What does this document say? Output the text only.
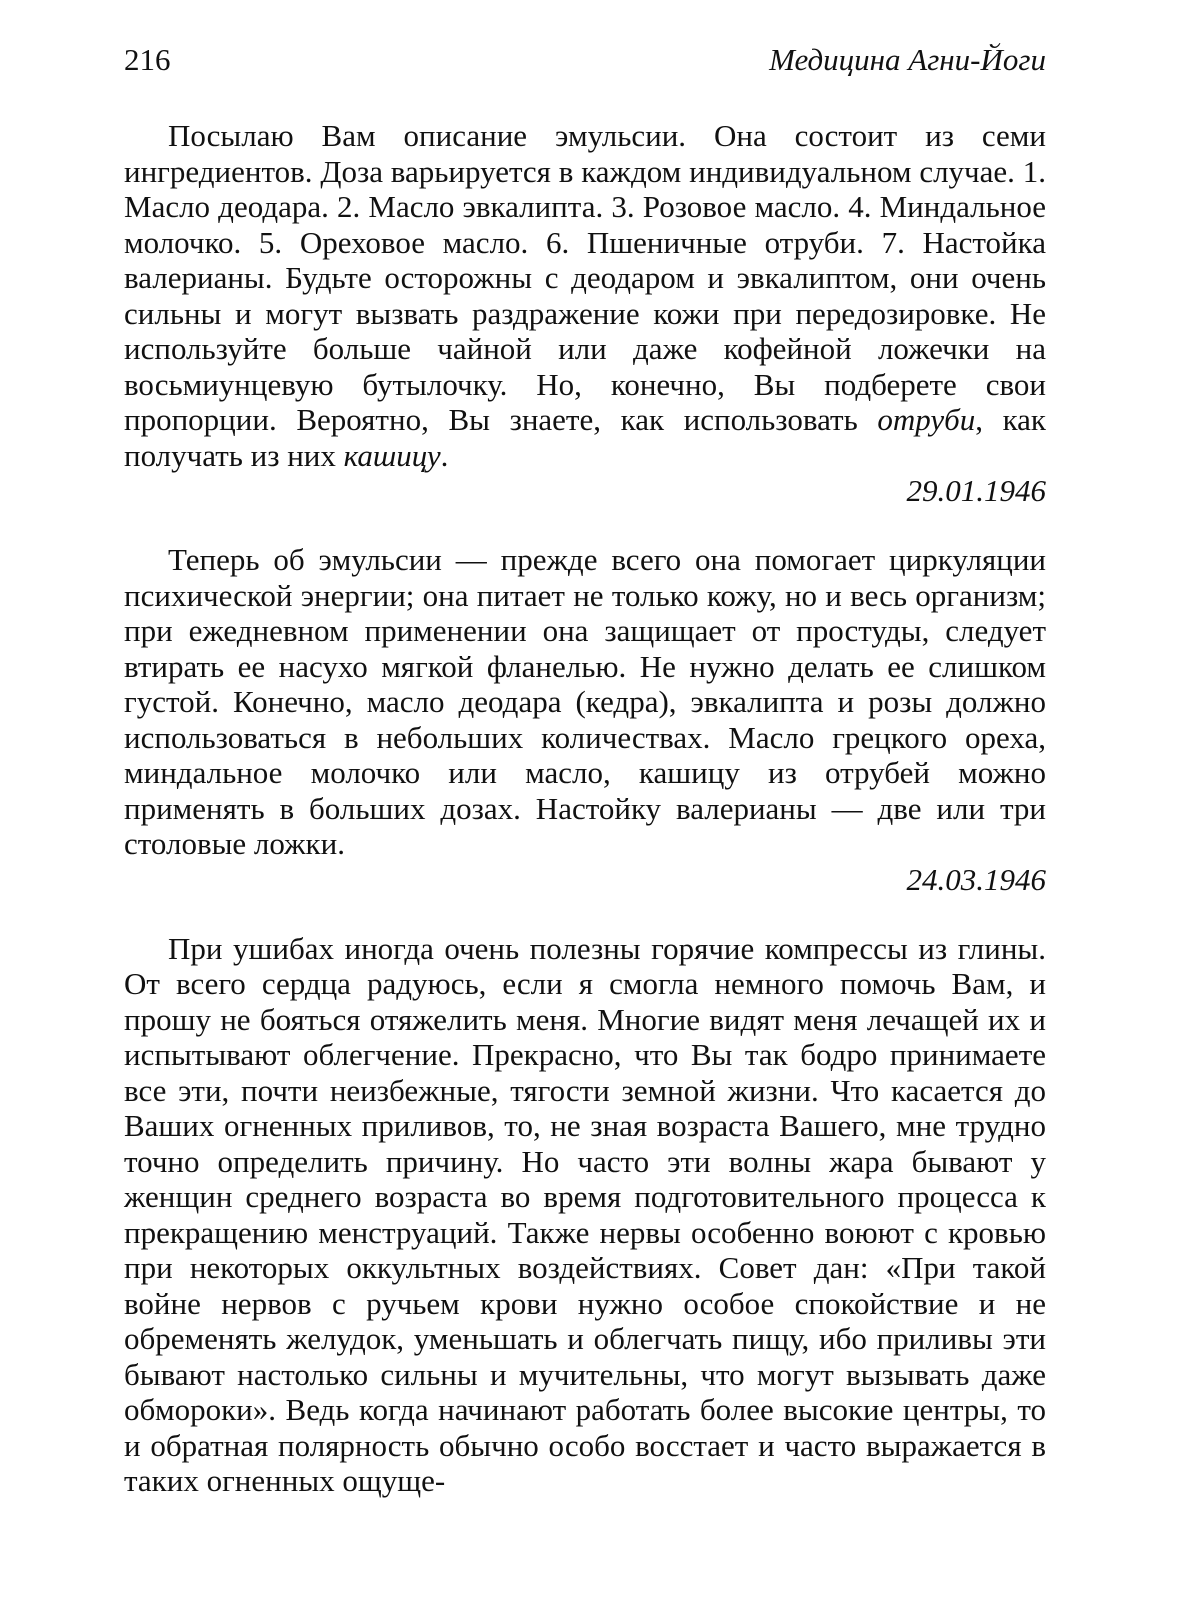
216	Медицина Агни-Йоги

Посылаю Вам описание эмульсии. Она состоит из семи ингредиентов. Доза варьируется в каждом индивидуальном случае. 1. Масло деодара. 2. Масло эвкалипта. 3. Розовое масло. 4. Миндальное молочко. 5. Ореховое масло. 6. Пшеничные отруби. 7. Настойка валерианы. Будьте осторожны с деодаром и эвкалиптом, они очень сильны и могут вызвать раздражение кожи при передозировке. Не используйте больше чайной или даже кофейной ложечки на восьмиунцевую бутылочку. Но, конечно, Вы подберете свои пропорции. Вероятно, Вы знаете, как использовать отруби, как получать из них кашицу.

29.01.1946

Теперь об эмульсии — прежде всего она помогает циркуляции психической энергии; она питает не только кожу, но и весь организм; при ежедневном применении она защищает от простуды, следует втирать ее насухо мягкой фланелью. Не нужно делать ее слишком густой. Конечно, масло деодара (кедра), эвкалипта и розы должно использоваться в небольших количествах. Масло грецкого ореха, миндальное молочко или масло, кашицу из отрубей можно применять в больших дозах. Настойку валерианы — две или три столовые ложки.

24.03.1946

При ушибах иногда очень полезны горячие компрессы из глины. От всего сердца радуюсь, если я смогла немного помочь Вам, и прошу не бояться отяжелить меня. Многие видят меня лечащей их и испытывают облегчение. Прекрасно, что Вы так бодро принимаете все эти, почти неизбежные, тягости земной жизни. Что касается до Ваших огненных приливов, то, не зная возраста Вашего, мне трудно точно определить причину. Но часто эти волны жара бывают у женщин среднего возраста во время подготовительного процесса к прекращению менструаций. Также нервы особенно воюют с кровью при некоторых оккультных воздействиях. Совет дан: «При такой войне нервов с ручьем крови нужно особое спокойствие и не обременять желудок, уменьшать и облегчать пищу, ибо приливы эти бывают настолько сильны и мучительны, что могут вызывать даже обмороки». Ведь когда начинают работать более высокие центры, то и обратная полярность обычно особо восстает и часто выражается в таких огненных ощуще-
